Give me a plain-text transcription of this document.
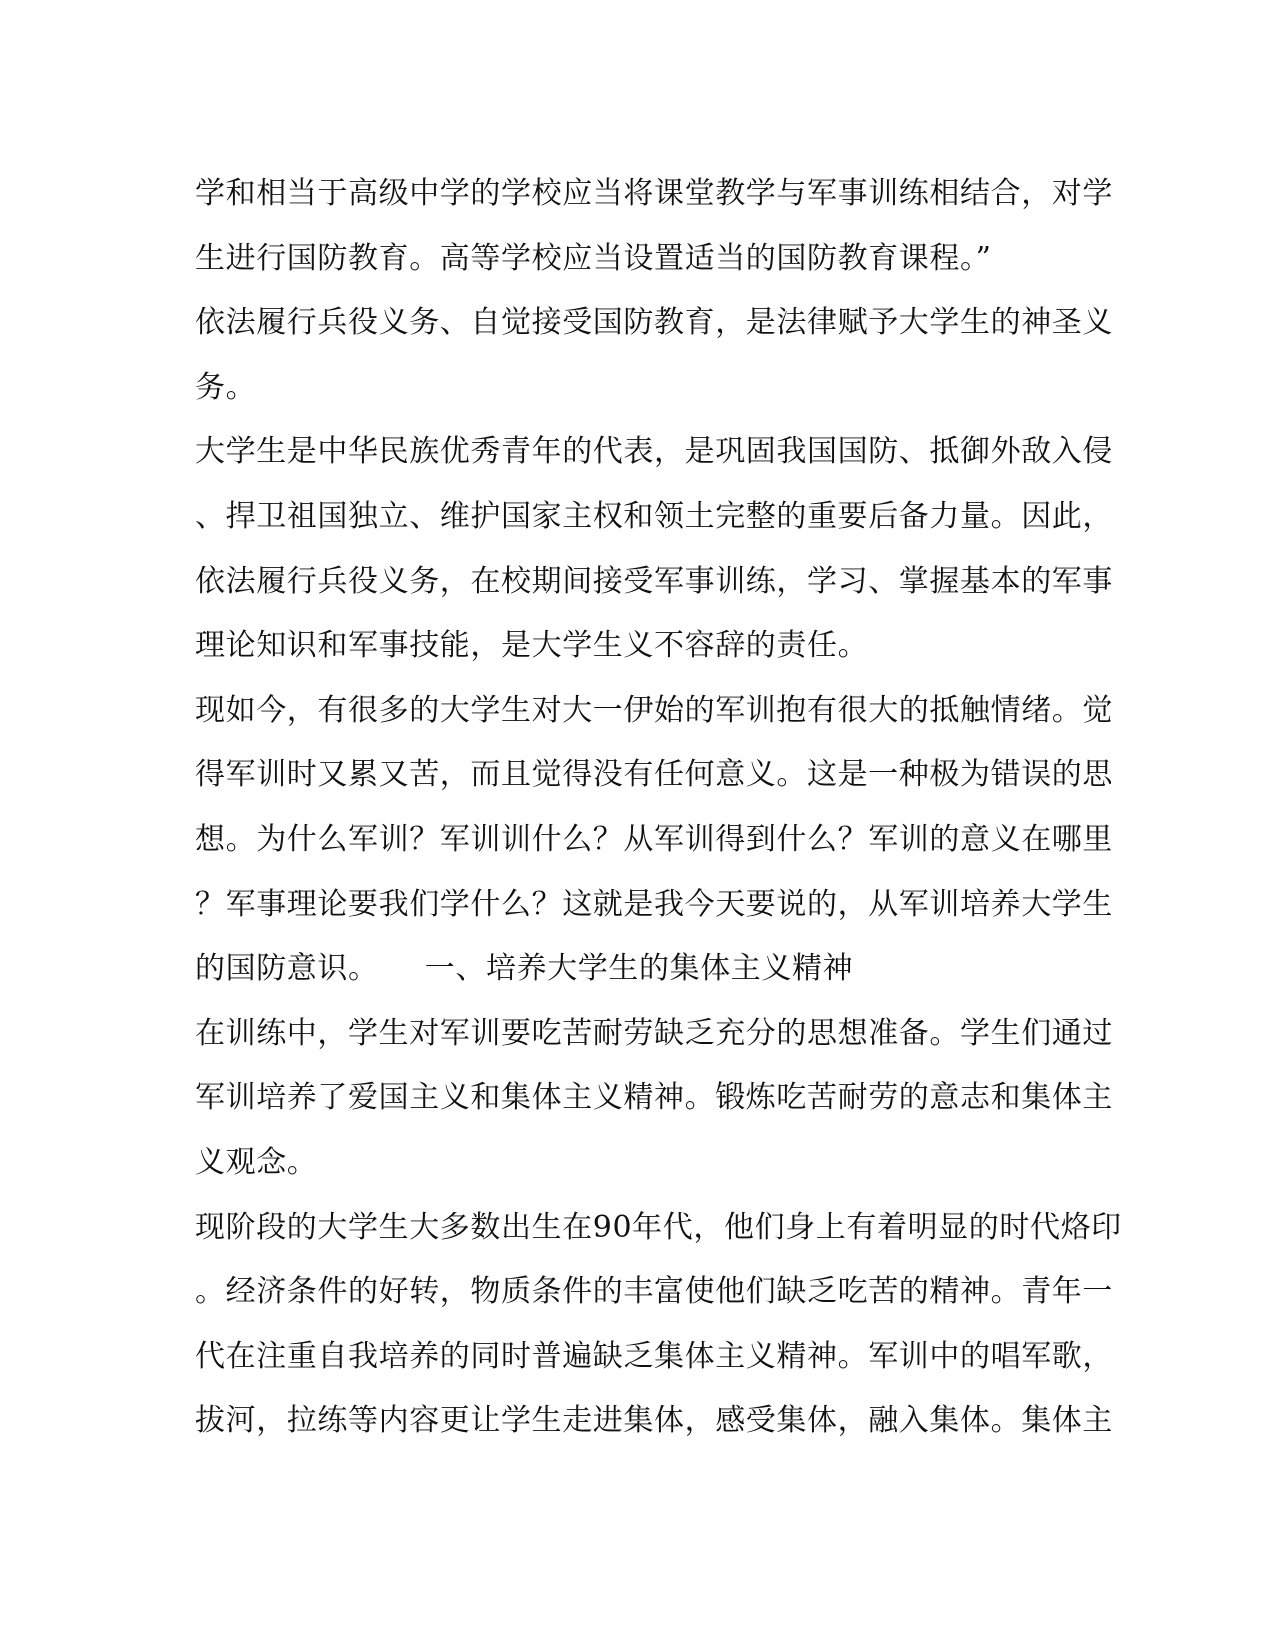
学和相当于高级中学的学校应当将课堂教学与军事训练相结合，对学
生进行国防教育。高等学校应当设置适当的国防教育课程。”
依法履行兵役义务、自觉接受国防教育，是法律赋予大学生的神圣义
务。
大学生是中华民族优秀青年的代表，是巩固我国国防、抵御外敌入侵
、捍卫祖国独立、维护国家主权和领土完整的重要后备力量。因此，
依法履行兵役义务，在校期间接受军事训练，学习、掌握基本的军事
理论知识和军事技能，是大学生义不容辞的责任。
现如今，有很多的大学生对大一伊始的军训抱有很大的抵触情绪。觉
得军训时又累又苦，而且觉得没有任何意义。这是一种极为错误的思
想。为什么军训？军训训什么？从军训得到什么？军训的意义在哪里
？军事理论要我们学什么？这就是我今天要说的，从军训培养大学生
的国防意识。　　一、培养大学生的集体主义精神
在训练中，学生对军训要吃苦耐劳缺乏充分的思想准备。学生们通过
军训培养了爱国主义和集体主义精神。锻炼吃苦耐劳的意志和集体主
义观念。
现阶段的大学生大多数出生在90年代，他们身上有着明显的时代烙印
。经济条件的好转，物质条件的丰富使他们缺乏吃苦的精神。青年一
代在注重自我培养的同时普遍缺乏集体主义精神。军训中的唱军歌，
拔河，拉练等内容更让学生走进集体，感受集体，融入集体。集体主
